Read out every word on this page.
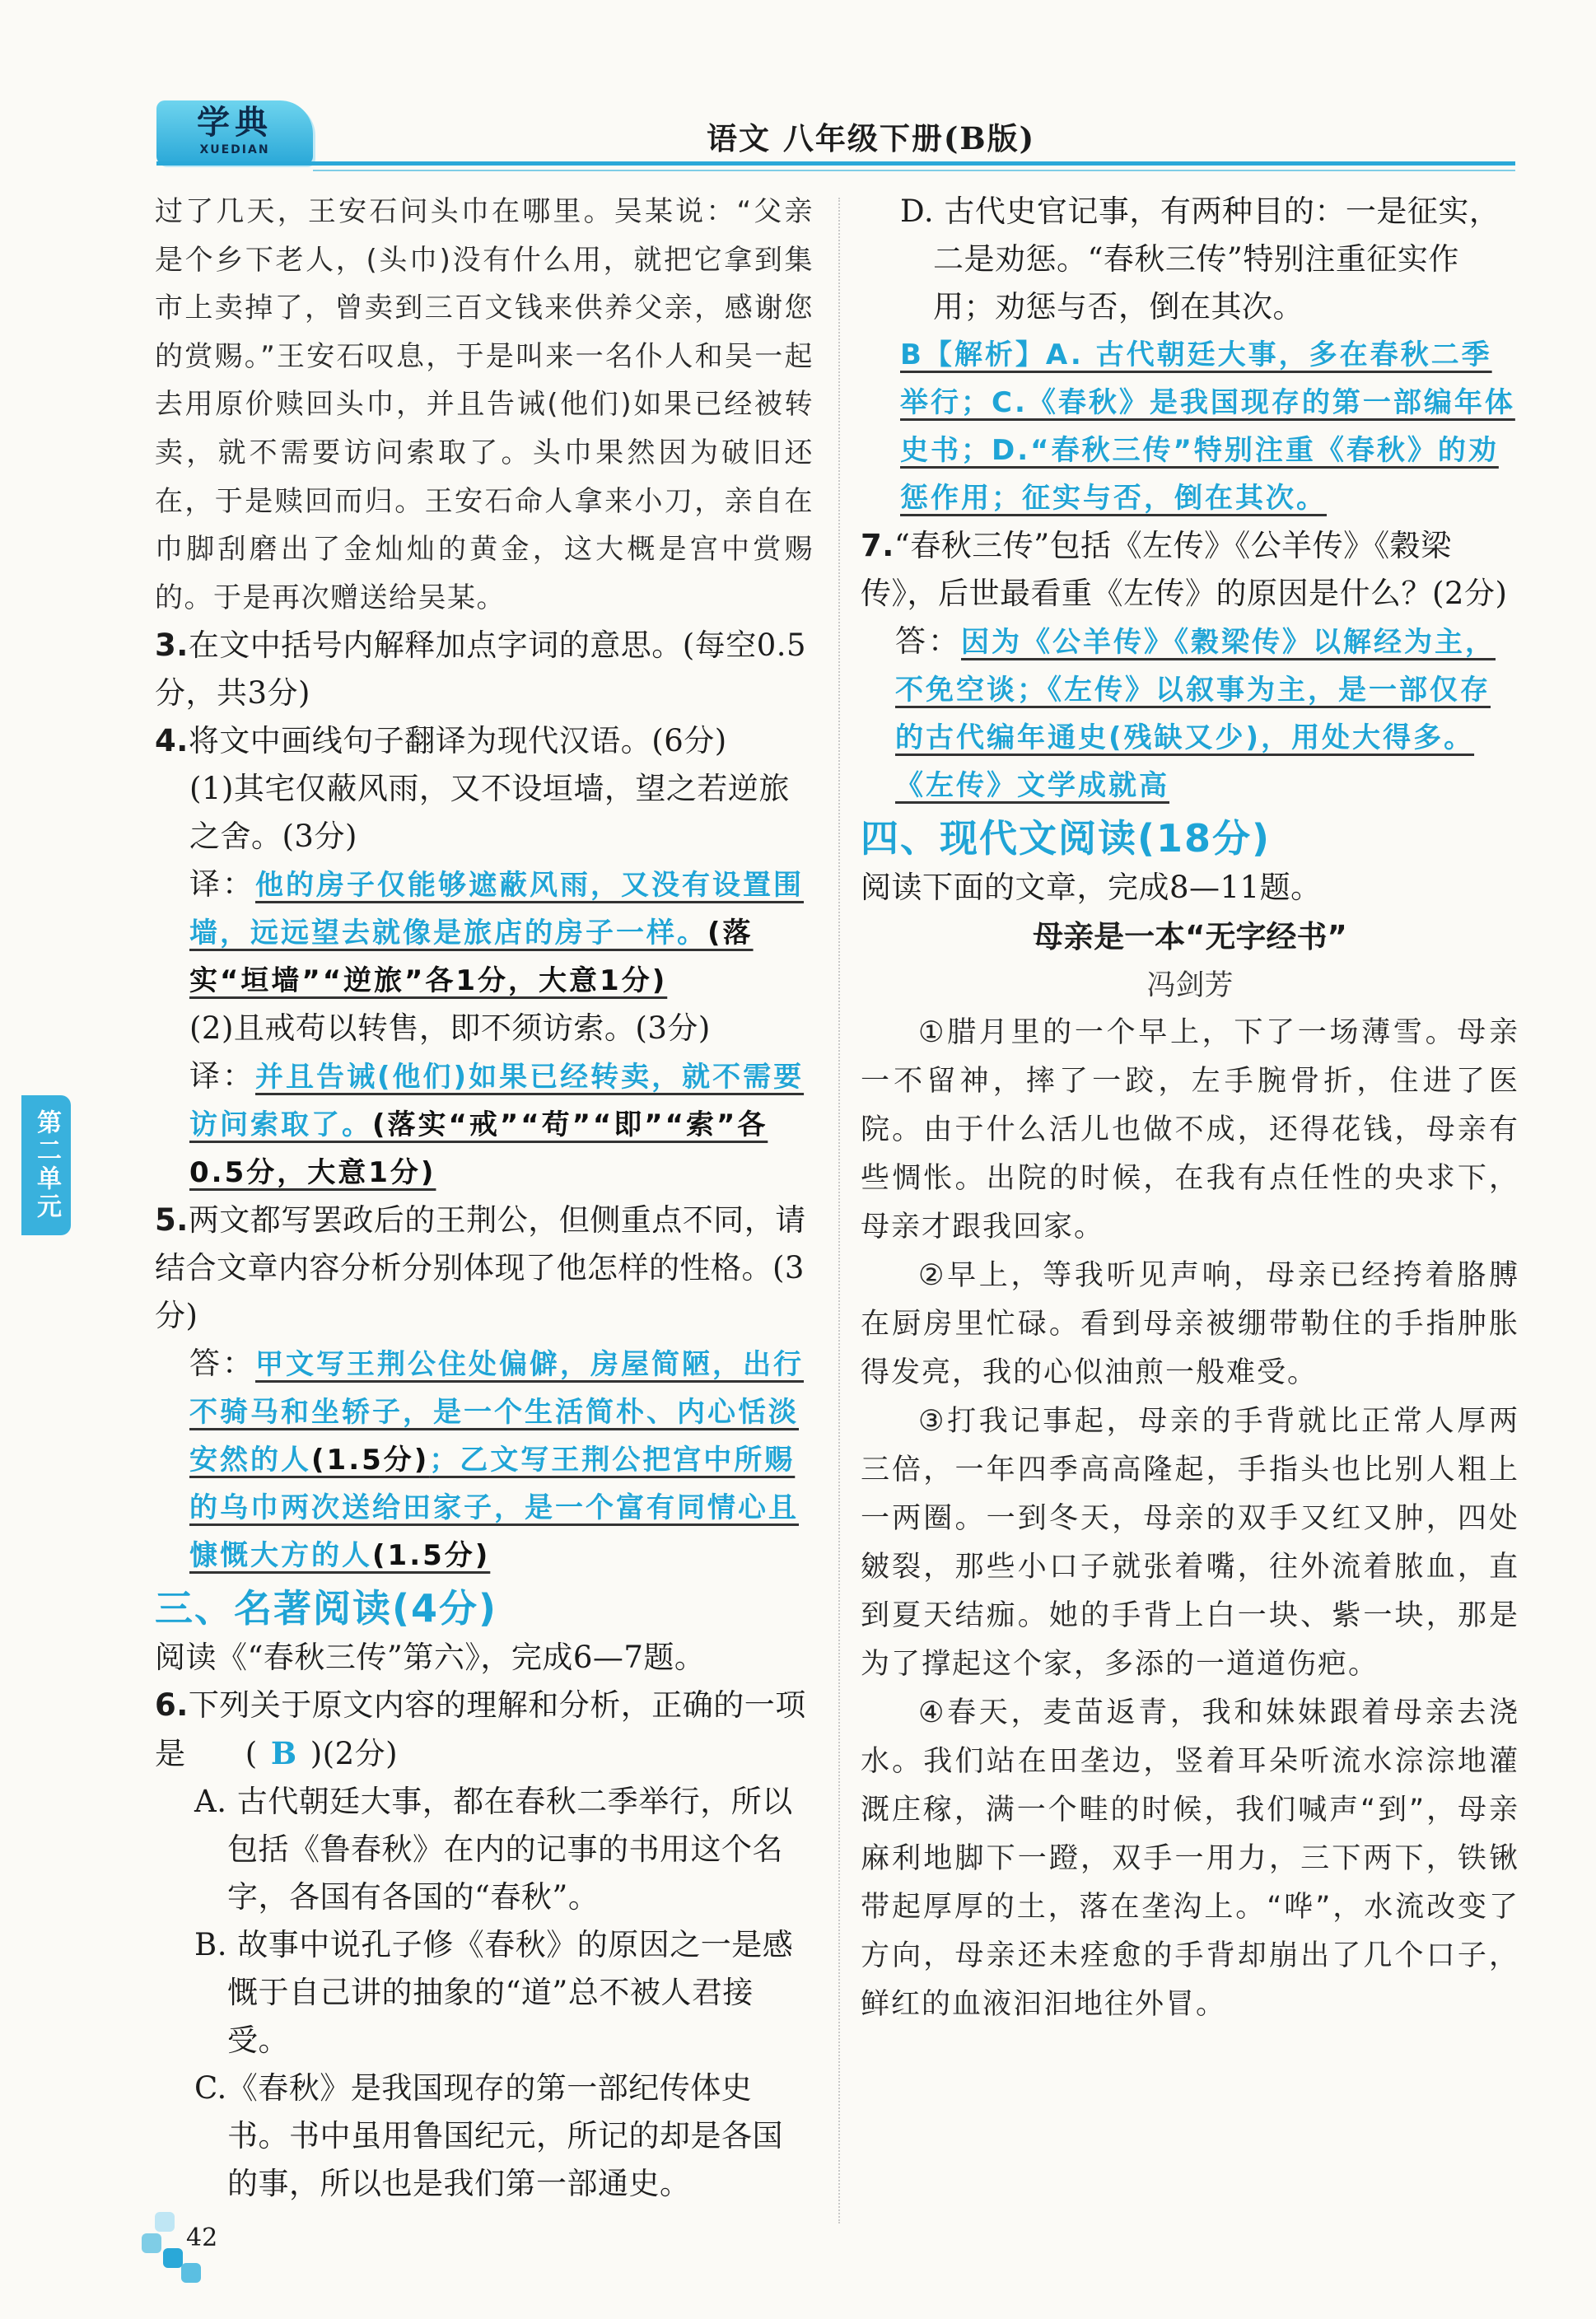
学典
XUEDIAN	语文 八年级下册(B版)
第二单元

过了几天，王安石问头巾在哪里。吴某说：“父亲是个乡下老人，(头巾)没有什么用，就把它拿到集市上卖掉了，曾卖到三百文钱来供养父亲，感谢您的赏赐。”王安石叹息，于是叫来一名仆人和吴一起去用原价赎回头巾，并且告诫(他们)如果已经被转卖，就不需要访问索取了。头巾果然因为破旧还在，于是赎回而归。王安石命人拿来小刀，亲自在巾脚刮磨出了金灿灿的黄金，这大概是宫中赏赐的。于是再次赠送给吴某。

3.在文中括号内解释加点字词的意思。(每空0.5分，共3分)

4.将文中画线句子翻译为现代汉语。(6分)

(1)其宅仅蔽风雨，又不设垣墙，望之若逆旅之舍。(3分)

译：他的房子仅能够遮蔽风雨，又没有设置围墙，远远望去就像是旅店的房子一样。(落实“垣墙”“逆旅”各1分，大意1分)

(2)且戒苟以转售，即不须访索。(3分)

译：并且告诫(他们)如果已经转卖，就不需要访问索取了。(落实“戒”“苟”“即”“索”各0.5分，大意1分)

5.两文都写罢政后的王荆公，但侧重点不同，请结合文章内容分析分别体现了他怎样的性格。(3分)

答：甲文写王荆公住处偏僻，房屋简陋，出行不骑马和坐轿子，是一个生活简朴、内心恬淡安然的人(1.5分)；乙文写王荆公把宫中所赐的乌巾两次送给田家子，是一个富有同情心且慷慨大方的人(1.5分)

三、名著阅读(4分)

阅读《“春秋三传”第六》，完成6—7题。

6.下列关于原文内容的理解和分析，正确的一项是 ( B )(2分)

A. 古代朝廷大事，都在春秋二季举行，所以包括《鲁春秋》在内的记事的书用这个名字，各国有各国的“春秋”。

B. 故事中说孔子修《春秋》的原因之一是感慨于自己讲的抽象的“道”总不被人君接受。

C.《春秋》是我国现存的第一部纪传体史书。书中虽用鲁国纪元，所记的却是各国的事，所以也是我们第一部通史。

D. 古代史官记事，有两种目的：一是征实，二是劝惩。“春秋三传”特别注重征实作用；劝惩与否，倒在其次。

B【解析】A. 古代朝廷大事，多在春秋二季举行；C.《春秋》是我国现存的第一部编年体史书；D.“春秋三传”特别注重《春秋》的劝惩作用；征实与否，倒在其次。

7.“春秋三传”包括《左传》《公羊传》《穀梁传》，后世最看重《左传》的原因是什么？(2分)

答：因为《公羊传》《穀梁传》以解经为主，不免空谈；《左传》以叙事为主，是一部仅存的古代编年通史(残缺又少)，用处大得多。《左传》文学成就高

四、现代文阅读(18分)

阅读下面的文章，完成8—11题。

母亲是一本“无字经书”

冯剑芳

①腊月里的一个早上，下了一场薄雪。母亲一不留神，摔了一跤，左手腕骨折，住进了医院。由于什么活儿也做不成，还得花钱，母亲有些惆怅。出院的时候，在我有点任性的央求下，母亲才跟我回家。

②早上，等我听见声响，母亲已经挎着胳膊在厨房里忙碌。看到母亲被绷带勒住的手指肿胀得发亮，我的心似油煎一般难受。

③打我记事起，母亲的手背就比正常人厚两三倍，一年四季高高隆起，手指头也比别人粗上一两圈。一到冬天，母亲的双手又红又肿，四处皴裂，那些小口子就张着嘴，往外流着脓血，直到夏天结痂。她的手背上白一块、紫一块，那是为了撑起这个家，多添的一道道伤疤。

④春天，麦苗返青，我和妹妹跟着母亲去浇水。我们站在田垄边，竖着耳朵听流水淙淙地灌溉庄稼，满一个畦的时候，我们喊声“到”，母亲麻利地脚下一蹬，双手一用力，三下两下，铁锹带起厚厚的土，落在垄沟上。“哗”，水流改变了方向，母亲还未痊愈的手背却崩出了几个口子，鲜红的血液汩汩地往外冒。

42
